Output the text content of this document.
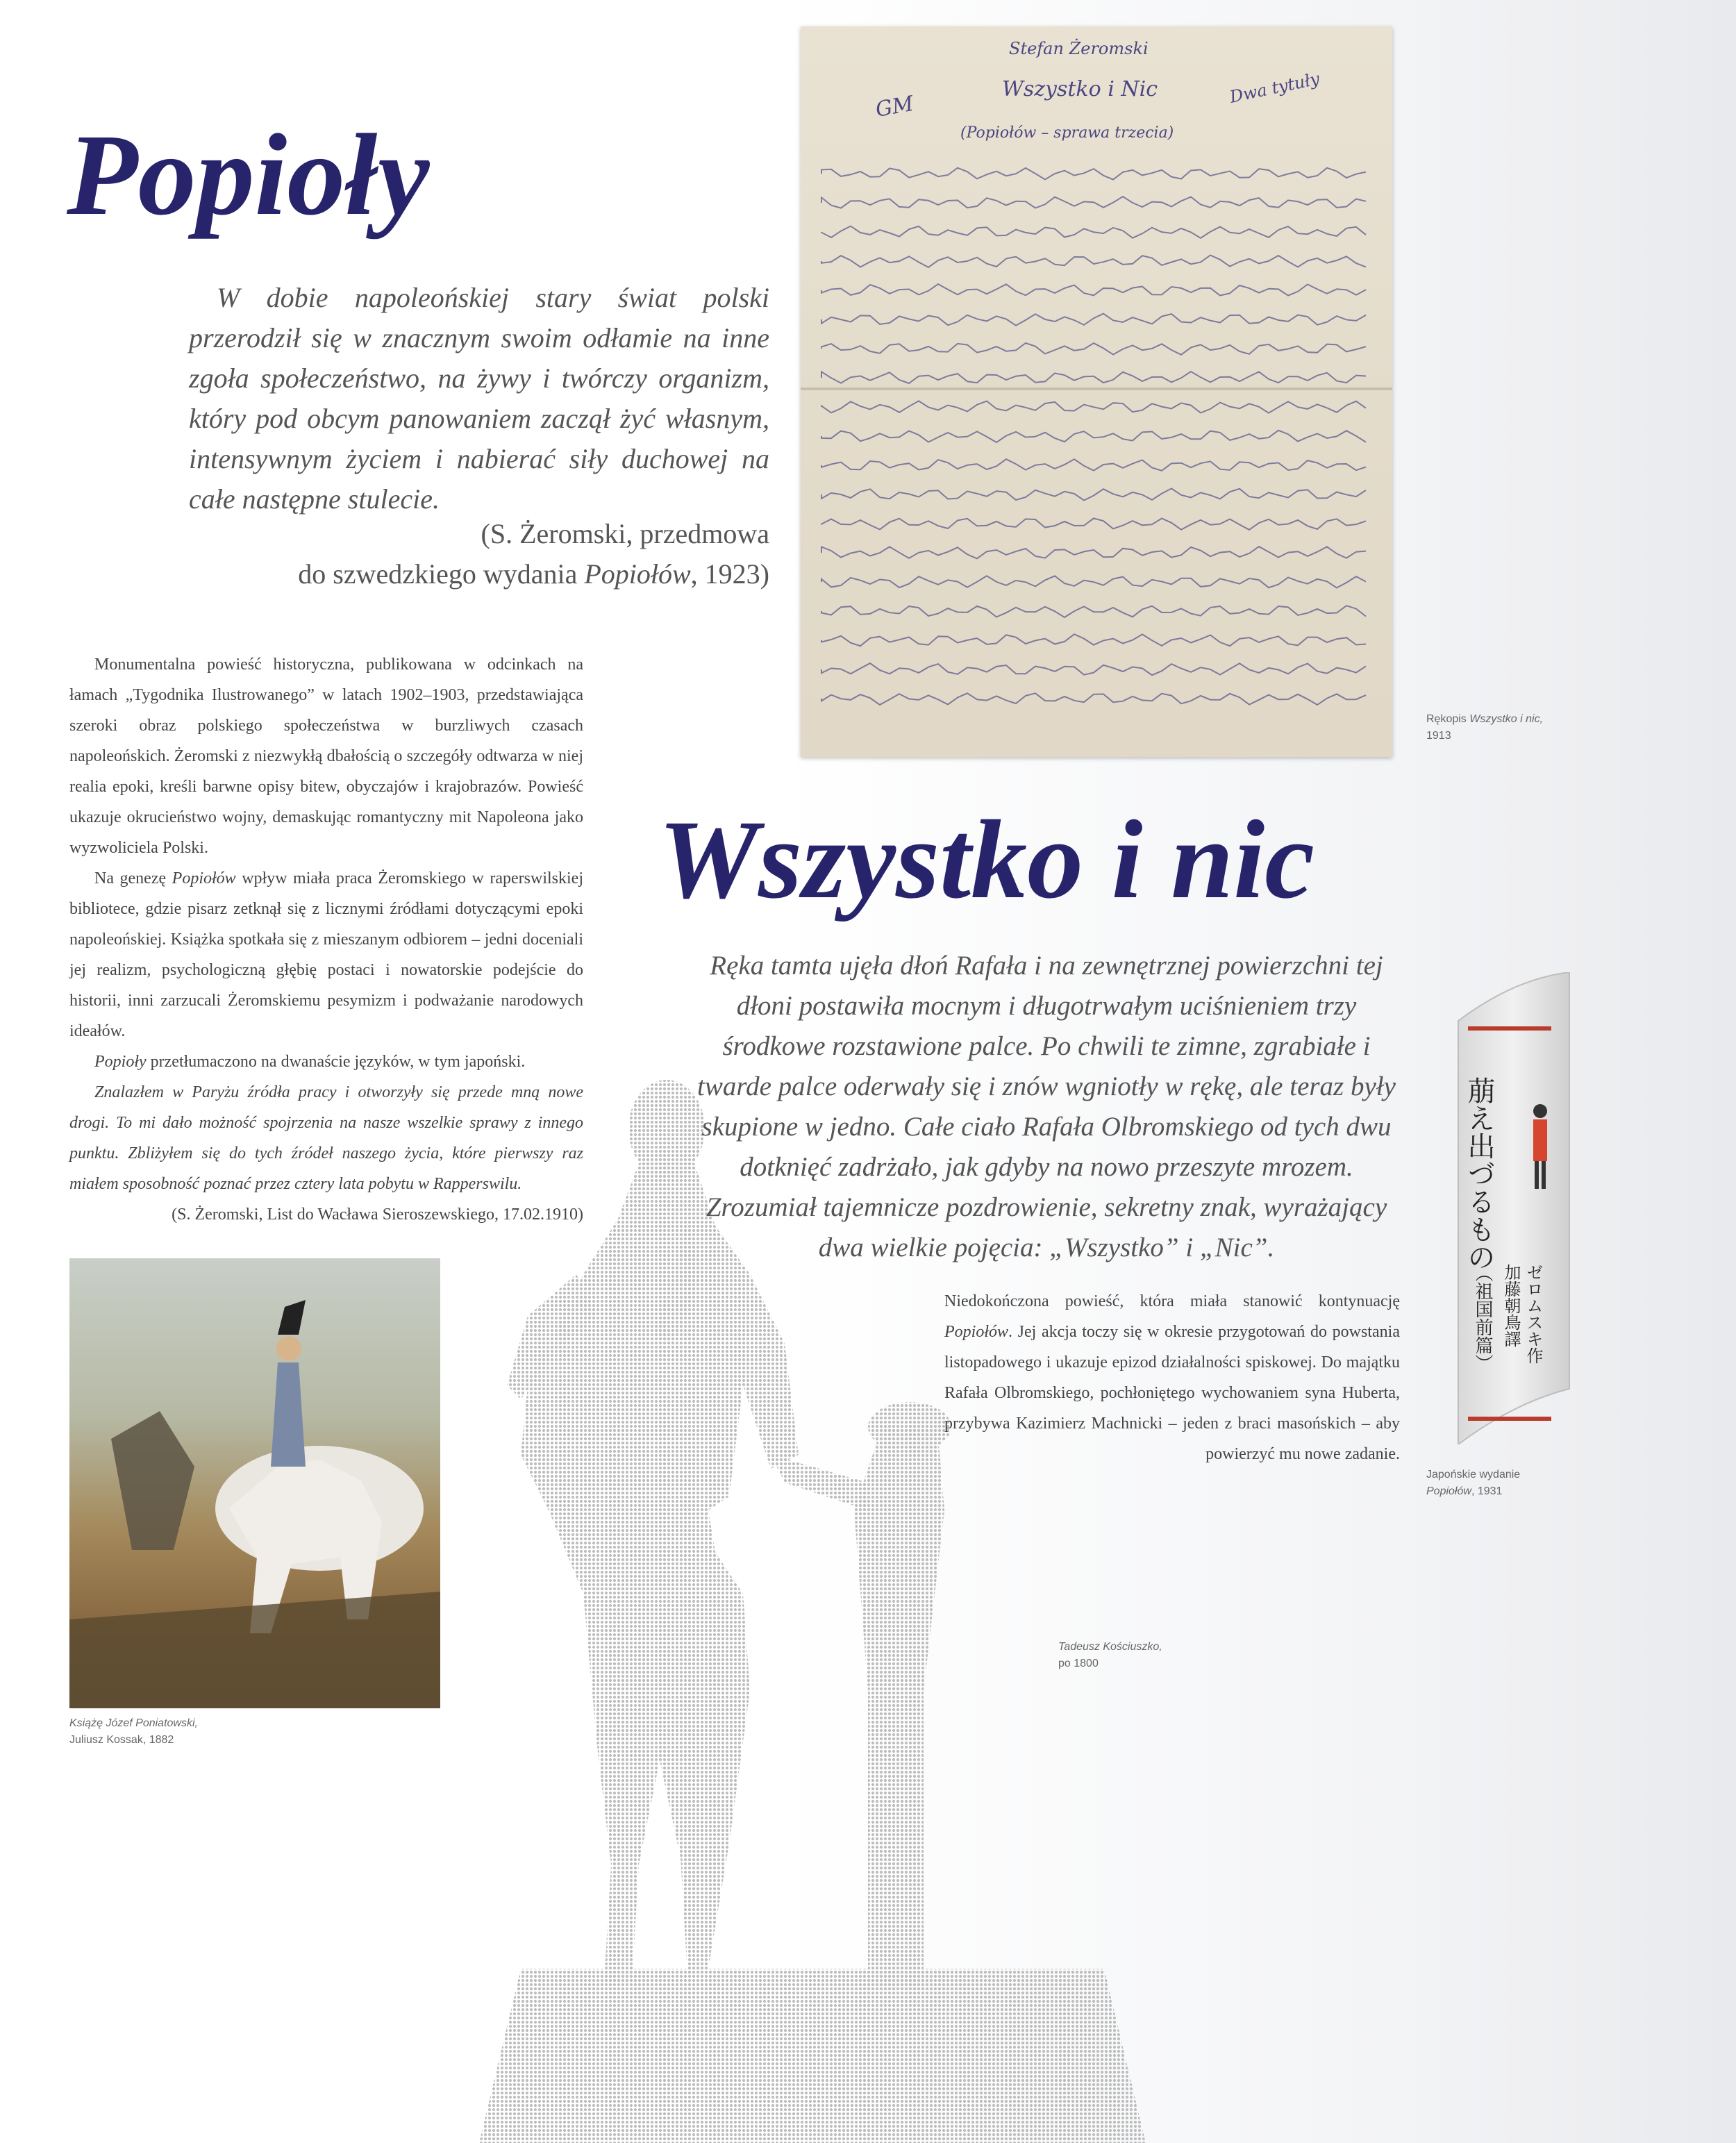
Popioły
W dobie napoleońskiej stary świat polski przerodził się w znacznym swoim odłamie na inne zgoła społeczeństwo, na żywy i twórczy organizm, który pod obcym panowaniem zaczął żyć własnym, intensywnym życiem i nabierać siły duchowej na całe następne stulecie.
(S. Żeromski, przedmowa
do szwedzkiego wydania Popiołów, 1923)

Monumentalna powieść historyczna, publikowana w odcinkach na łamach „Tygodnika Ilustrowanego” w latach 1902–1903, przedstawiająca szeroki obraz polskiego społeczeństwa w burzliwych czasach napoleońskich. Żeromski z niezwykłą dbałością o szczegóły odtwarza w niej realia epoki, kreśli barwne opisy bitew, obyczajów i krajobrazów. Powieść ukazuje okrucieństwo wojny, demaskując romantyczny mit Napoleona jako wyzwoliciela Polski.

Na genezę Popiołów wpływ miała praca Żeromskiego w raperswilskiej bibliotece, gdzie pisarz zetknął się z licznymi źródłami dotyczącymi epoki napoleońskiej. Książka spotkała się z mieszanym odbiorem – jedni doceniali jej realizm, psychologiczną głębię postaci i nowatorskie podejście do historii, inni zarzucali Żeromskiemu pesymizm i podważanie narodowych ideałów.

Popioły przetłumaczono na dwanaście języków, w tym japoński.

Znalazłem w Paryżu źródła pracy i otworzyły się przede mną nowe drogi. To mi dało możność spojrzenia na nasze wszelkie sprawy z innego punktu. Zbliżyłem się do tych źródeł naszego życia, które pierwszy raz miałem sposobność poznać przez cztery lata pobytu w Rapperswilu.

(S. Żeromski, List do Wacława Sieroszewskiego, 17.02.1910)

Stefan Żeromski
Wszystko i Nic
(Popiołów – sprawa trzecia)
Dwa tytuły
GM
Rękopis Wszystko i nic,
1913
Wszystko i nic
Ręka tamta ujęła dłoń Rafała i na zewnętrznej powierzchni tej dłoni postawiła mocnym i długotrwałym uciśnieniem trzy środkowe rozstawione palce. Po chwili te zimne, zgrabiałe i twarde palce oderwały się i znów wgniotły w rękę, ale teraz były skupione w jedno. Całe ciało Rafała Olbromskiego od tych dwu dotknięć zadrżało, jak gdyby na nowo przeszyte mrozem. Zrozumiał tajemnicze pozdrowienie, sekretny znak, wyrażający dwa wielkie pojęcia: „Wszystko” i „Nic”.

Niedokończona powieść, która miała stanowić kontynuację Popiołów. Jej akcja toczy się w okresie przygotowań do powstania listopadowego i ukazuje epizod działalności spiskowej. Do majątku Rafała Olbromskiego, pochłoniętego wychowaniem syna Huberta, przybywa Kazimierz Machnicki – jeden z braci masońskich – aby powierzyć mu nowe zadanie.

萠え出づるもの
（祖国前篇） ゼロムスキ作
加藤朝鳥譯
Japońskie wydanie
Popiołów, 1931
Książę Józef Poniatowski,
Juliusz Kossak, 1882
Tadeusz Kościuszko,
po 1800
